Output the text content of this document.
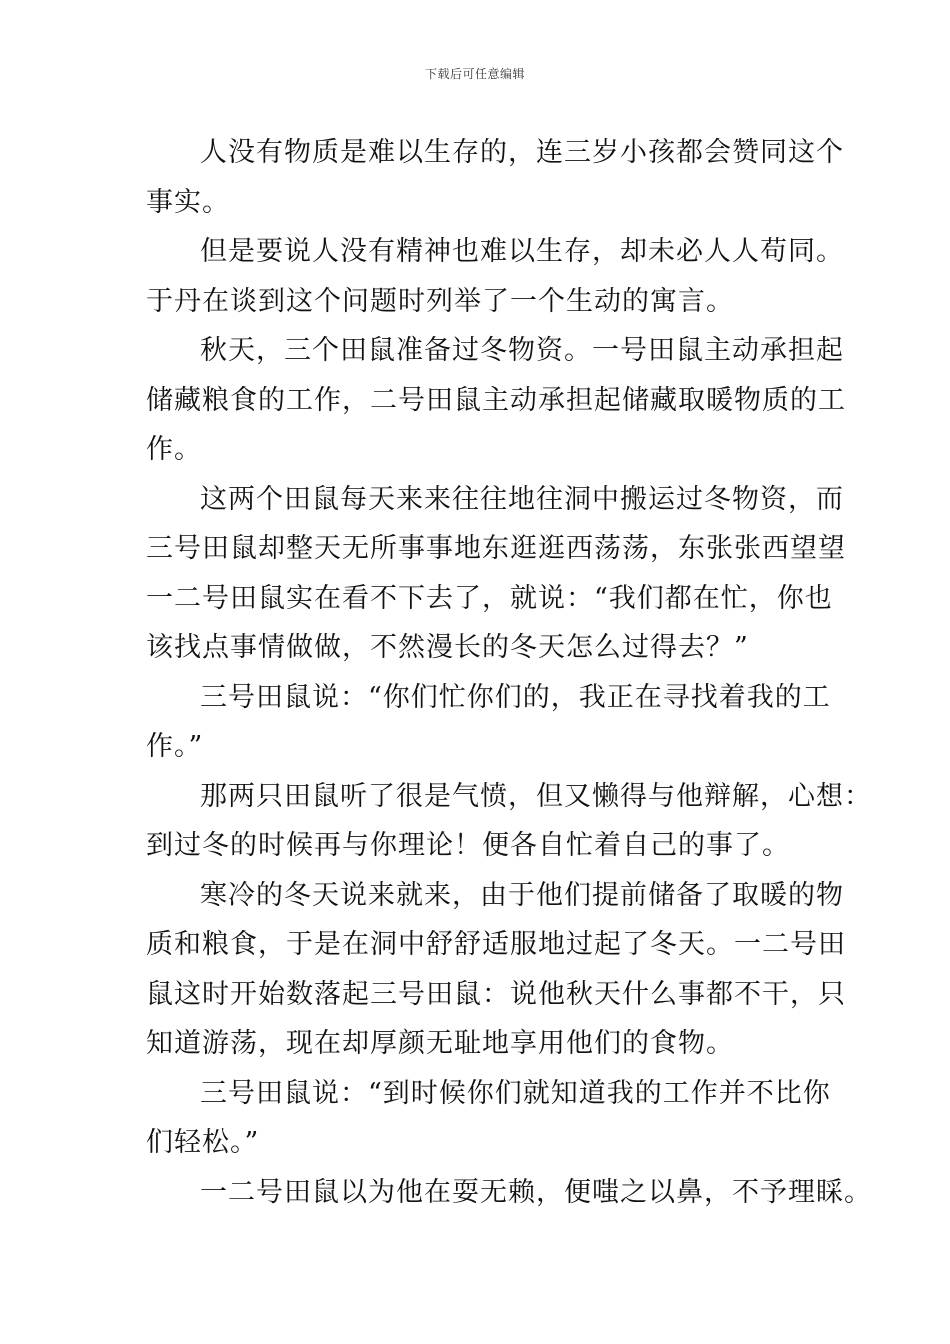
下载后可任意编辑

人没有物质是难以生存的，连三岁小孩都会赞同这个
事实。

但是要说人没有精神也难以生存，却未必人人苟同。
于丹在谈到这个问题时列举了一个生动的寓言。

秋天，三个田鼠准备过冬物资。一号田鼠主动承担起
储藏粮食的工作，二号田鼠主动承担起储藏取暖物质的工
作。

这两个田鼠每天来来往往地往洞中搬运过冬物资，而
三号田鼠却整天无所事事地东逛逛西荡荡，东张张西望望
一二号田鼠实在看不下去了，就说：“我们都在忙，你也
该找点事情做做，不然漫长的冬天怎么过得去？”

三号田鼠说：“你们忙你们的，我正在寻找着我的工
作。”

那两只田鼠听了很是气愤，但又懒得与他辩解，心想：
到过冬的时候再与你理论！便各自忙着自己的事了。

寒冷的冬天说来就来，由于他们提前储备了取暖的物
质和粮食，于是在洞中舒舒适服地过起了冬天。一二号田
鼠这时开始数落起三号田鼠：说他秋天什么事都不干，只
知道游荡，现在却厚颜无耻地享用他们的食物。

三号田鼠说：“到时候你们就知道我的工作并不比你
们轻松。”

一二号田鼠以为他在耍无赖，便嗤之以鼻，不予理睬。
